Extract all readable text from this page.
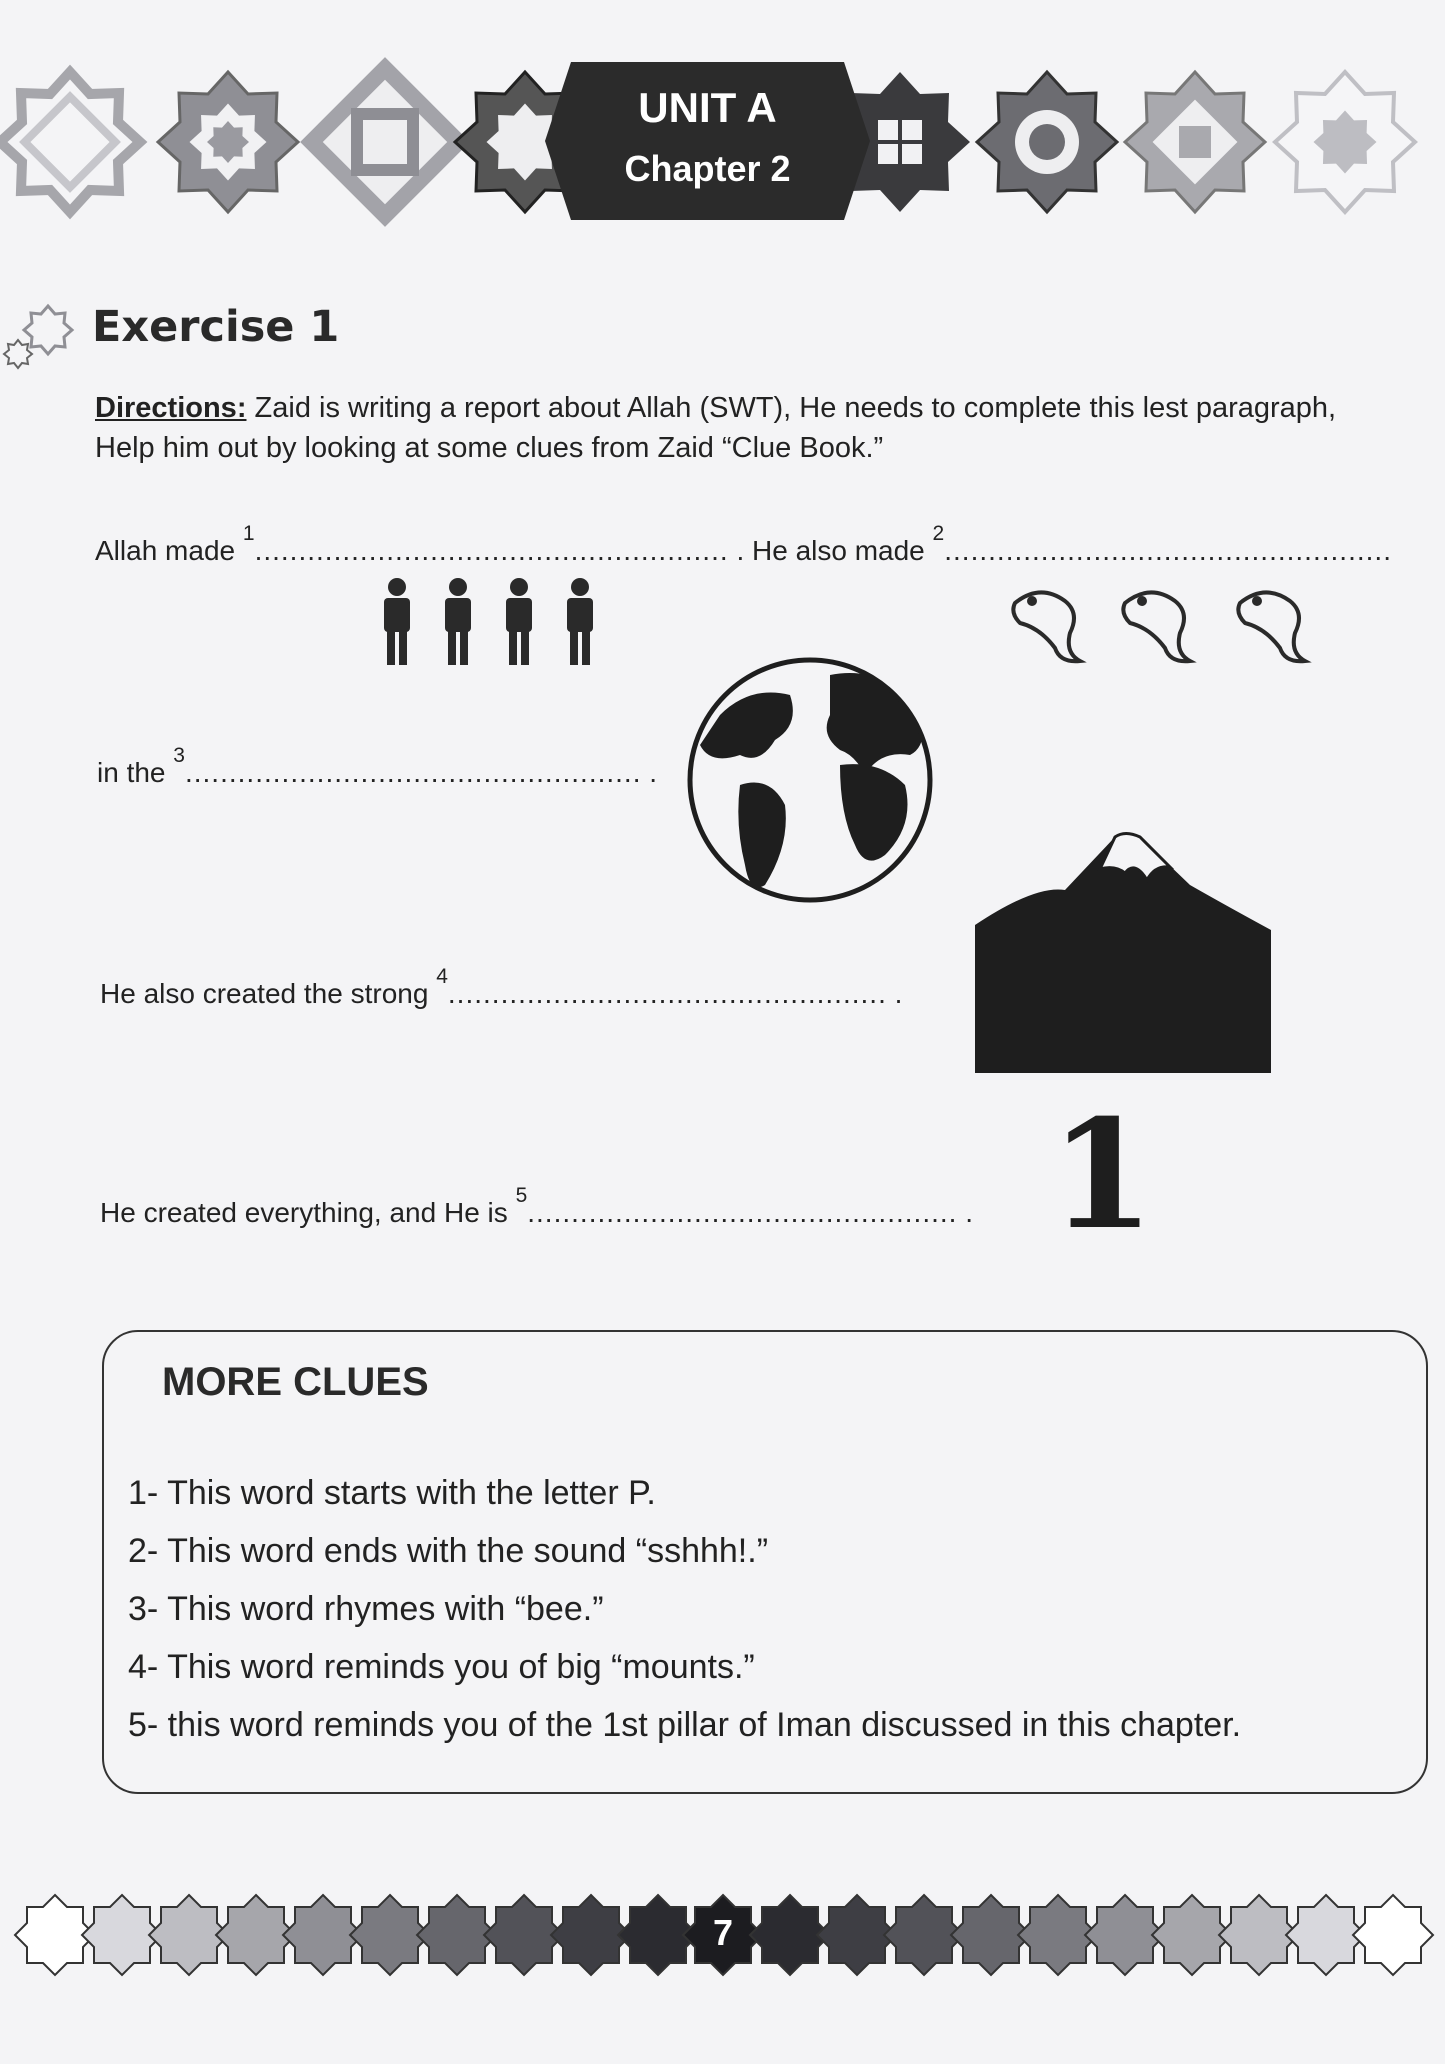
UNIT A
Chapter 2
Exercise 1
Directions: Zaid is writing a report about Allah (SWT), He needs to complete this lest paragraph, Help him out by looking at some clues from Zaid “Clue Book.”
Allah made $^1$...................................................... . He also made $^2$...................................................
in the $^3$.................................................... .
He also created the strong $^4$.................................................. .
1
He created everything, and He is $^5$................................................. .
MORE CLUES
1- This word starts with the letter P.
2- This word ends with the sound “sshhh!.”
3- This word rhymes with “bee.”
4- This word reminds you of big “mounts.”
5- this word reminds you of the 1st pillar of Iman discussed in this chapter.
7
